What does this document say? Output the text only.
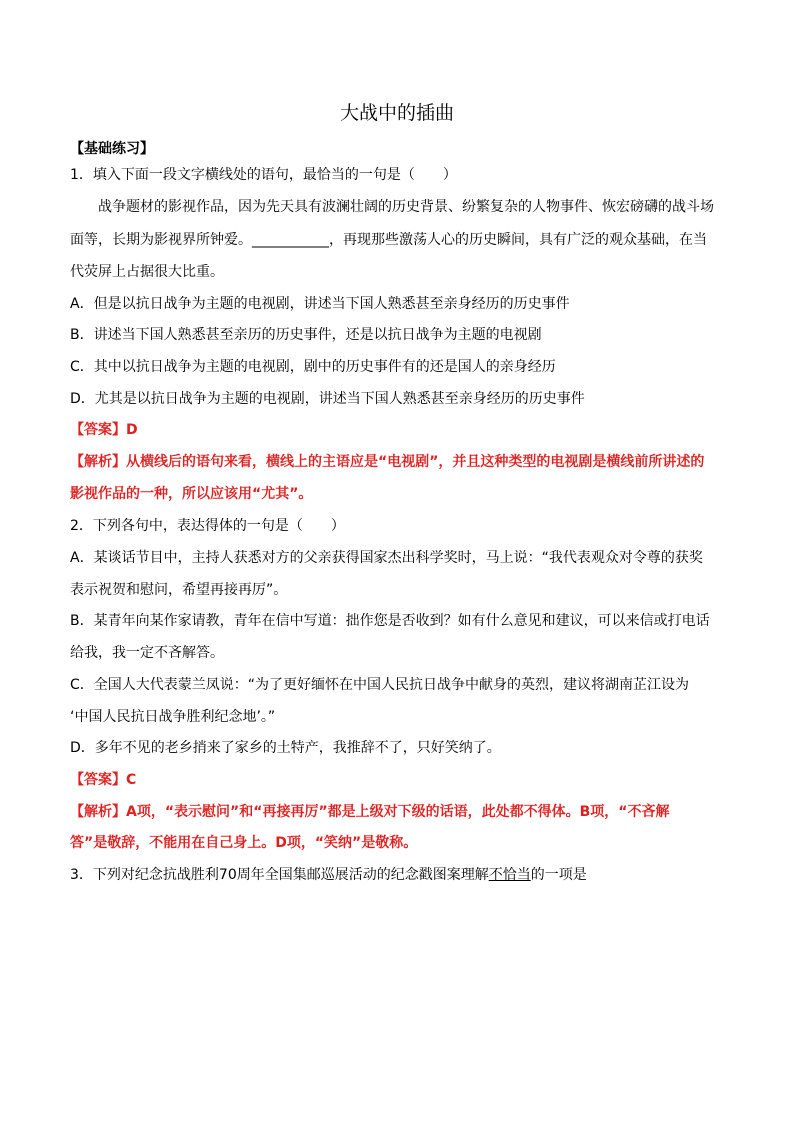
大战中的插曲
【基础练习】
1．填入下面一段文字横线处的语句，最恰当的一句是（　　）
　　战争题材的影视作品，因为先天具有波澜壮阔的历史背景、纷繁复杂的人物事件、恢宏磅礴的战斗场
面等，长期为影视界所钟爱。___________，再现那些激荡人心的历史瞬间，具有广泛的观众基础，在当
代荧屏上占据很大比重。
A．但是以抗日战争为主题的电视剧，讲述当下国人熟悉甚至亲身经历的历史事件
B．讲述当下国人熟悉甚至亲历的历史事件，还是以抗日战争为主题的电视剧
C．其中以抗日战争为主题的电视剧，剧中的历史事件有的还是国人的亲身经历
D．尤其是以抗日战争为主题的电视剧，讲述当下国人熟悉甚至亲身经历的历史事件
【答案】D
【解析】从横线后的语句来看，横线上的主语应是“电视剧”，并且这种类型的电视剧是横线前所讲述的
影视作品的一种，所以应该用“尤其”。
2．下列各句中，表达得体的一句是（　　）
A．某谈话节目中，主持人获悉对方的父亲获得国家杰出科学奖时，马上说：“我代表观众对令尊的获奖
表示祝贺和慰问，希望再接再厉”。
B．某青年向某作家请教，青年在信中写道：拙作您是否收到？如有什么意见和建议，可以来信或打电话
给我，我一定不吝解答。
C．全国人大代表蒙兰凤说：“为了更好缅怀在中国人民抗日战争中献身的英烈，建议将湖南芷江设为
‘中国人民抗日战争胜利纪念地’。”
D．多年不见的老乡捎来了家乡的土特产，我推辞不了，只好笑纳了。
【答案】C
【解析】A项，“表示慰问”和“再接再厉”都是上级对下级的话语，此处都不得体。B项，“不吝解
答”是敬辞，不能用在自己身上。D项，“笑纳”是敬称。
3．下列对纪念抗战胜利70周年全国集邮巡展活动的纪念戳图案理解不恰当的一项是
